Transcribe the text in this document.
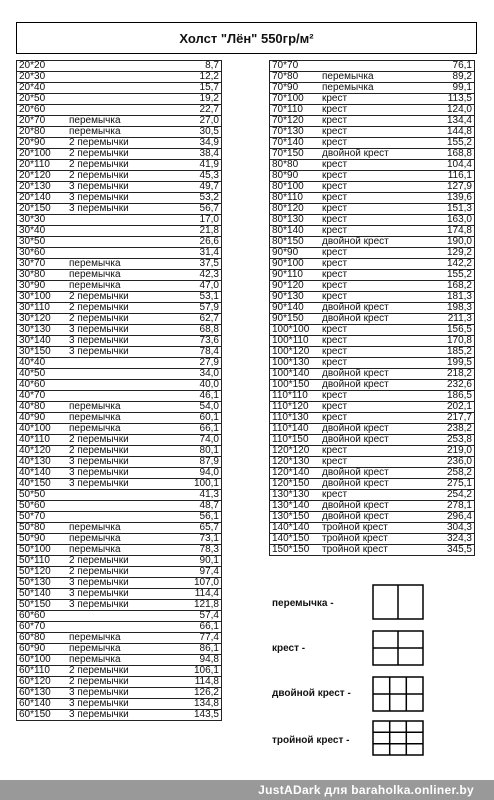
Холст "Лён" 550гр/м²
20*20		8,7
20*30		12,2
20*40		15,7
20*50		19,2
20*60		22,7
20*70	перемычка	27,0
20*80	перемычка	30,5
20*90	2 перемычки	34,9
20*100	2 перемычки	38,4
20*110	2 перемычки	41,9
20*120	2 перемычки	45,3
20*130	3 перемычки	49,7
20*140	3 перемычки	53,2
20*150	3 перемычки	56,7
30*30		17,0
30*40		21,8
30*50		26,6
30*60		31,4
30*70	перемычка	37,5
30*80	перемычка	42,3
30*90	перемычка	47,0
30*100	2 перемычки	53,1
30*110	2 перемычки	57,9
30*120	2 перемычки	62,7
30*130	3 перемычки	68,8
30*140	3 перемычки	73,6
30*150	3 перемычки	78,4
40*40		27,9
40*50		34,0
40*60		40,0
40*70		46,1
40*80	перемычка	54,0
40*90	перемычка	60,1
40*100	перемычка	66,1
40*110	2 перемычки	74,0
40*120	2 перемычки	80,1
40*130	3 перемычки	87,9
40*140	3 перемычки	94,0
40*150	3 перемычки	100,1
50*50		41,3
50*60		48,7
50*70		56,1
50*80	перемычка	65,7
50*90	перемычка	73,1
50*100	перемычка	78,3
50*110	2 перемычки	90,1
50*120	2 перемычки	97,4
50*130	3 перемычки	107,0
50*140	3 перемычки	114,4
50*150	3 перемычки	121,8
60*60		57,4
60*70		66,1
60*80	перемычка	77,4
60*90	перемычка	86,1
60*100	перемычка	94,8
60*110	2 перемычки	106,1
60*120	2 перемычки	114,8
60*130	3 перемычки	126,2
60*140	3 перемычки	134,8
60*150	3 перемычки	143,5
70*70		76,1
70*80	перемычка	89,2
70*90	перемычка	99,1
70*100	крест	113,5
70*110	крест	124,0
70*120	крест	134,4
70*130	крест	144,8
70*140	крест	155,2
70*150	двойной крест	168,8
80*80	крест	104,4
80*90	крест	116,1
80*100	крест	127,9
80*110	крест	139,6
80*120	крест	151,3
80*130	крест	163,0
80*140	крест	174,8
80*150	двойной крест	190,0
90*90	крест	129,2
90*100	крест	142,2
90*110	крест	155,2
90*120	крест	168,2
90*130	крест	181,3
90*140	двойной крест	198,3
90*150	двойной крест	211,3
100*100	крест	156,5
100*110	крест	170,8
100*120	крест	185,2
100*130	крест	199,5
100*140	двойной крест	218,2
100*150	двойной крест	232,6
110*110	крест	186,5
110*120	крест	202,1
110*130	крест	217,7
110*140	двойной крест	238,2
110*150	двойной крест	253,8
120*120	крест	219,0
120*130	крест	236,0
120*140	двойной крест	258,2
120*150	двойной крест	275,1
130*130	крест	254,2
130*140	двойной крест	278,1
130*150	двойной крест	296,4
140*140	тройной крест	304,3
140*150	тройной крест	324,3
150*150	тройной крест	345,5
перемычка -
крест -
двойной крест -
тройной крест -
JustADark для baraholka.onliner.by
